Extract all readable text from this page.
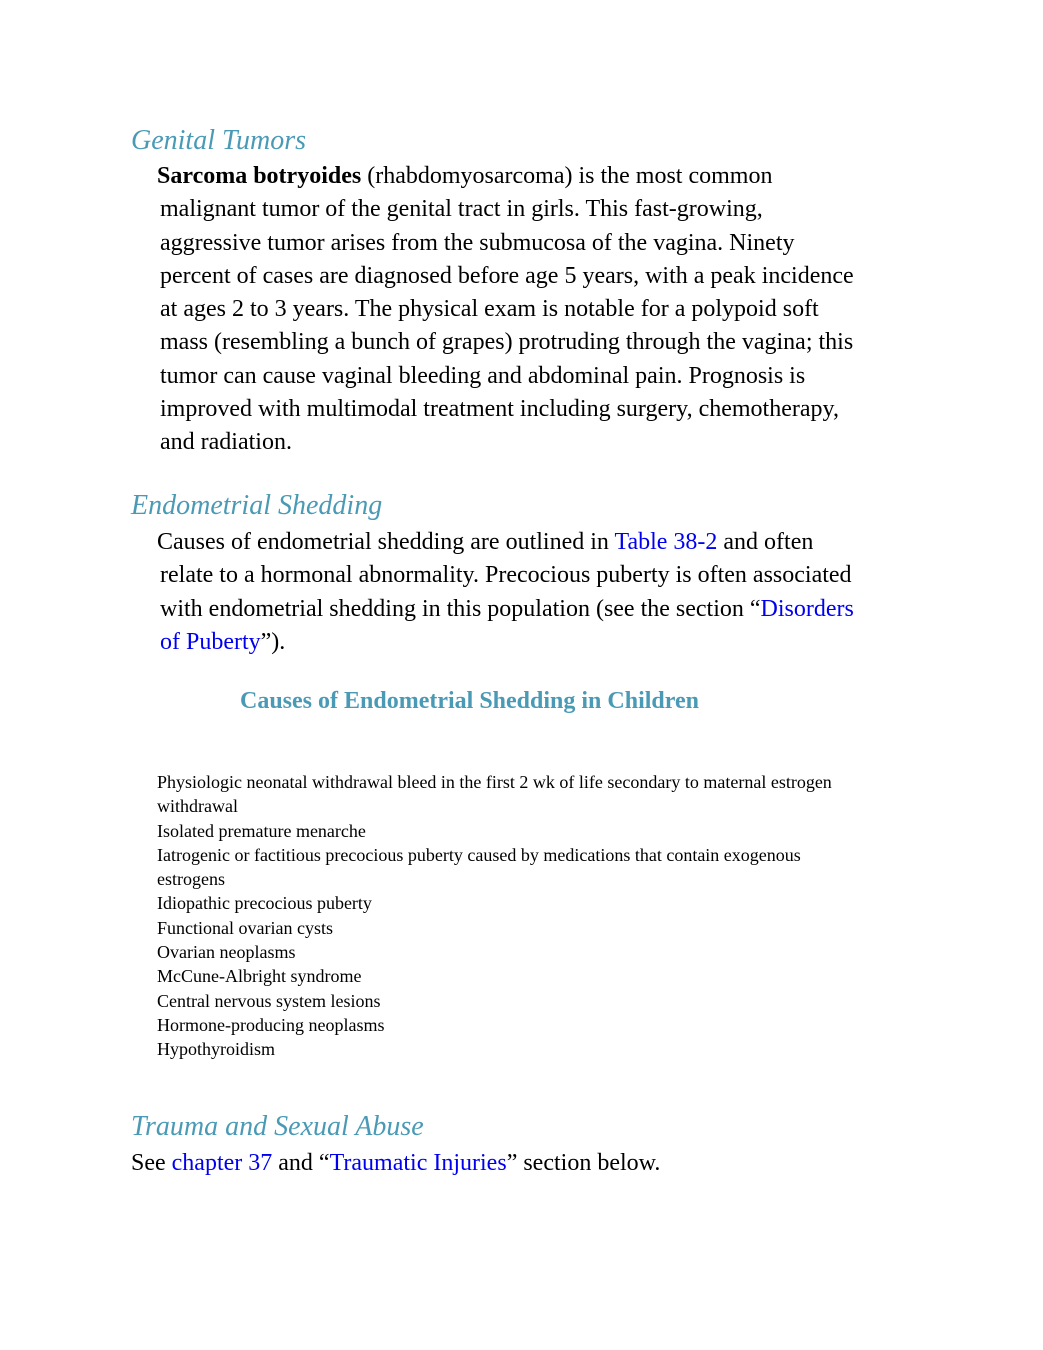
Genital Tumors
Sarcoma botryoides (rhabdomyosarcoma) is the most common
malignant tumor of the genital tract in girls. This fast-growing,
aggressive tumor arises from the submucosa of the vagina. Ninety
percent of cases are diagnosed before age 5 years, with a peak incidence
at ages 2 to 3 years. The physical exam is notable for a polypoid soft
mass (resembling a bunch of grapes) protruding through the vagina; this
tumor can cause vaginal bleeding and abdominal pain. Prognosis is
improved with multimodal treatment including surgery, chemotherapy,
and radiation.
Endometrial Shedding
Causes of endometrial shedding are outlined in Table 38-2 and often
relate to a hormonal abnormality. Precocious puberty is often associated
with endometrial shedding in this population (see the section “Disorders
of Puberty”).
Causes of Endometrial Shedding in Children
Physiologic neonatal withdrawal bleed in the first 2 wk of life secondary to maternal estrogen
withdrawal
Isolated premature menarche
Iatrogenic or factitious precocious puberty caused by medications that contain exogenous
estrogens
Idiopathic precocious puberty
Functional ovarian cysts
Ovarian neoplasms
McCune-Albright syndrome
Central nervous system lesions
Hormone-producing neoplasms
Hypothyroidism
Trauma and Sexual Abuse

See chapter 37 and “Traumatic Injuries” section below.
